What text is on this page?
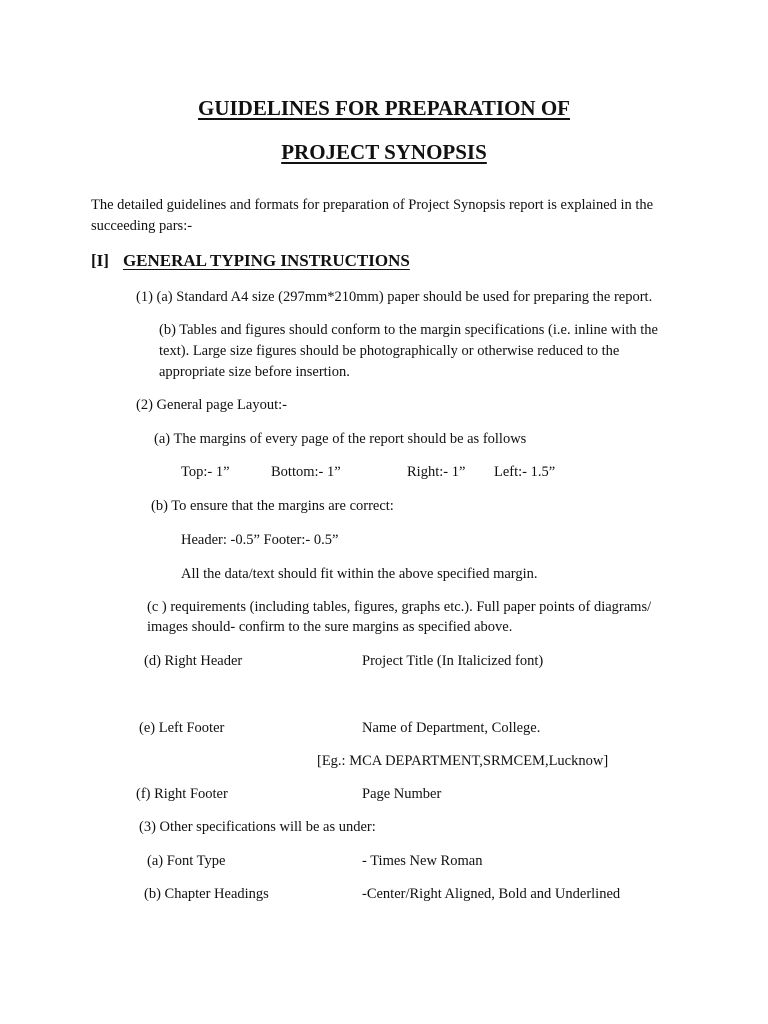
GUIDELINES FOR PREPARATION OF
PROJECT SYNOPSIS
The detailed guidelines and formats for preparation of Project Synopsis report is explained in the
succeeding pars:-
[I] GENERAL TYPING INSTRUCTIONS
(1) (a) Standard A4 size (297mm*210mm) paper should be used for preparing the report.
(b) Tables and figures should conform to the margin specifications (i.e. inline with the
text). Large size figures should be photographically or otherwise reduced to the
appropriate size before insertion.
(2) General page Layout:-
(a) The margins of every page of the report should be as follows
Top:- 1”	Bottom:- 1”	Right:- 1” Left:- 1.5”
(b) To ensure that the margins are correct:
Header: -0.5” Footer:- 0.5”
All the data/text should fit within the above specified margin.
(c ) requirements (including tables, figures, graphs etc.). Full paper points of diagrams/
images should- confirm to the sure margins as specified above.
(d) Right Header	Project Title (In Italicized font)
(e) Left Footer	Name of Department, College.
[Eg.: MCA DEPARTMENT,SRMCEM,Lucknow]
(f) Right Footer	Page Number
(3) Other specifications will be as under:
(a) Font Type	- Times New Roman
(b) Chapter Headings	-Center/Right Aligned, Bold and Underlined
